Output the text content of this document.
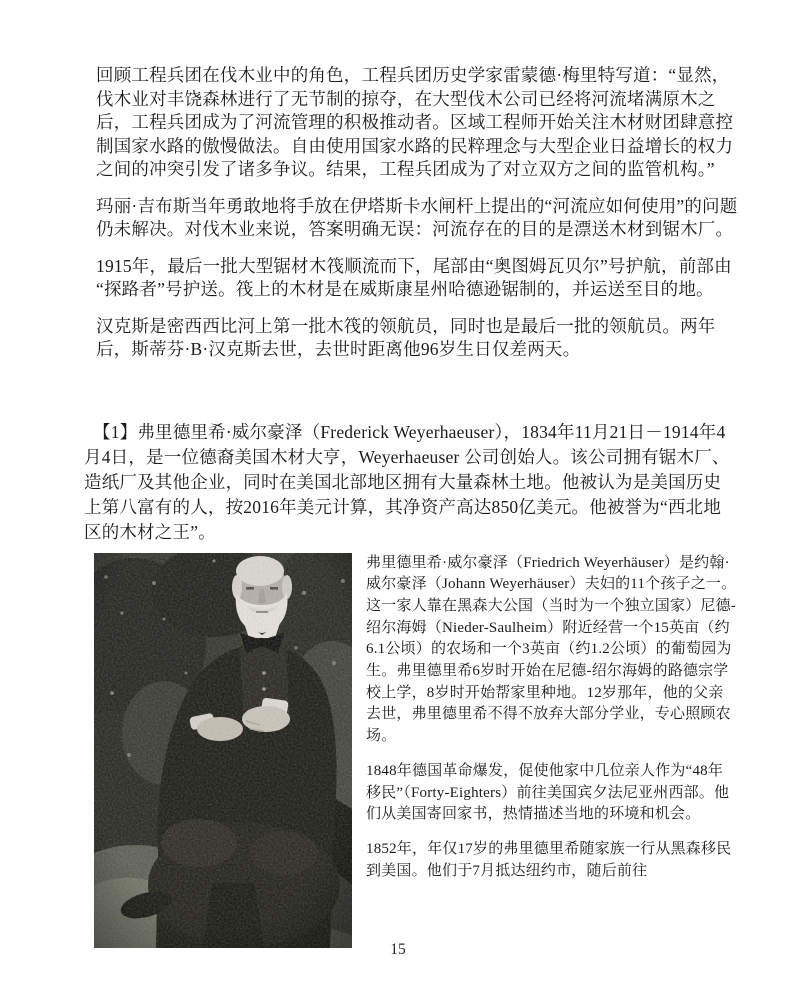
回顾工程兵团在伐木业中的角色，工程兵团历史学家雷蒙德·梅里特写道：“显然，伐木业对丰饶森林进行了无节制的掠夺，在大型伐木公司已经将河流堵满原木之后，工程兵团成为了河流管理的积极推动者。区域工程师开始关注木材财团肆意控制国家水路的傲慢做法。自由使用国家水路的民粹理念与大型企业日益增长的权力之间的冲突引发了诸多争议。结果，工程兵团成为了对立双方之间的监管机构。”

玛丽·吉布斯当年勇敢地将手放在伊塔斯卡水闸杆上提出的“河流应如何使用”的问题仍未解决。对伐木业来说，答案明确无误：河流存在的目的是漂送木材到锯木厂。

1915年，最后一批大型锯材木筏顺流而下，尾部由“奥图姆瓦贝尔”号护航，前部由“探路者”号护送。筏上的木材是在威斯康星州哈德逊锯制的，并运送至目的地。

汉克斯是密西西比河上第一批木筏的领航员，同时也是最后一批的领航员。两年后，斯蒂芬·B·汉克斯去世，去世时距离他96岁生日仅差两天。

【1】弗里德里希·威尔豪泽（Frederick Weyerhaeuser），1834年11月21日－1914年4月4日，是一位德裔美国木材大亨，Weyerhaeuser 公司创始人。该公司拥有锯木厂、造纸厂及其他企业，同时在美国北部地区拥有大量森林土地。他被认为是美国历史上第八富有的人，按2016年美元计算，其净资产高达850亿美元。他被誉为“西北地区的木材之王”。

弗里德里希·威尔豪泽（Friedrich Weyerhäuser）是约翰·威尔豪泽（Johann Weyerhäuser）夫妇的11个孩子之一。这一家人靠在黑森大公国（当时为一个独立国家）尼德-绍尔海姆（Nieder-Saulheim）附近经营一个15英亩（约6.1公顷）的农场和一个3英亩（约1.2公顷）的葡萄园为生。弗里德里希6岁时开始在尼德-绍尔海姆的路德宗学校上学，8岁时开始帮家里种地。12岁那年，他的父亲去世，弗里德里希不得不放弃大部分学业，专心照顾农场。

1848年德国革命爆发，促使他家中几位亲人作为“48年移民”（Forty-Eighters）前往美国宾夕法尼亚州西部。他们从美国寄回家书，热情描述当地的环境和机会。

1852年，年仅17岁的弗里德里希随家族一行从黑森移民到美国。他们于7月抵达纽约市，随后前往

15
